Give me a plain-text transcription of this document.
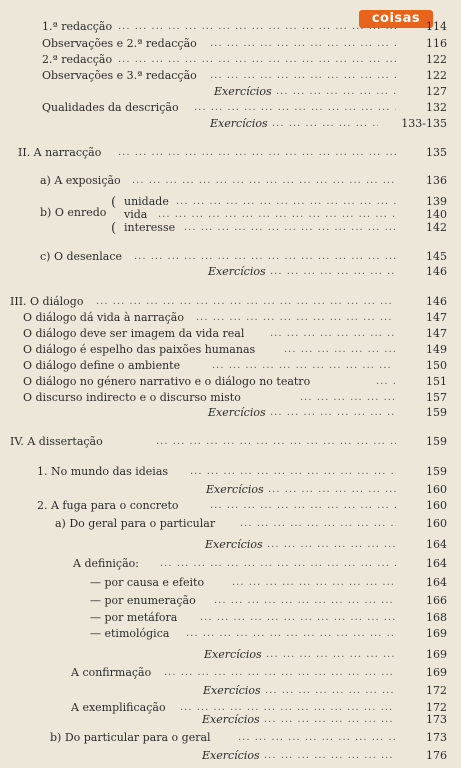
coisas
1.ª redacção ... .	114
Observações e 2.ª redacção ... .	116
2.ª redacção ... .	122
Observações e 3.ª redacção ... .	122
Exercícios ... .	127
Qualidades da descrição ... .	132
Exercícios ... .	133-135
II. A narracção ... .	135
a) A exposição ... .	136
b) O enredo
(
(
unidade ... .	139
vida ... .	140
interesse ... .	142
c) O desenlace ... .	145
Exercícios ... .	146
III. O diálogo ... .	146
O diálogo dá vida à narração ... .	147
O diálogo deve ser imagem da vida real ... .	147
O diálogo é espelho das paixões humanas ... .	149
O diálogo define o ambiente ... .	150
O diálogo no género narrativo e o diálogo no teatro ... .	151
O discurso indirecto e o discurso misto ... .	157
Exercícios ... .	159
IV. A dissertação ... .	159
1. No mundo das ideias ... .	159
Exercícios ... .	160
2. A fuga para o concreto ... .	160
a) Do geral para o particular ... .	160
Exercícios ... .	164
A definição: ... .	164
— por causa e efeito ... .	164
— por enumeração ... .	166
— por metáfora ... .	168
— etimológica ... .	169
Exercícios ... .	169
A confirmação ... .	169
Exercícios ... .	172
A exemplificação ... .	172
Exercícios ... .	173
b) Do particular para o geral ... .	173
Exercícios ... .	176
